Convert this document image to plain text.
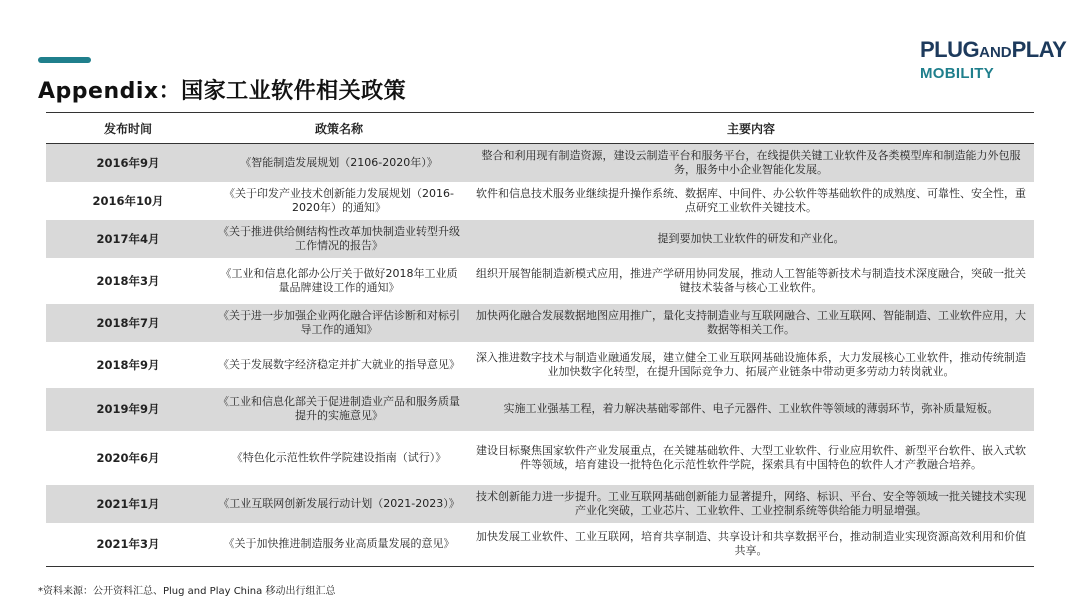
Appendix：国家工业软件相关政策
PLUGANDPLAY
MOBILITY
发布时间	政策名称	主要内容
2016年9月	《智能制造发展规划（2106-2020年）》	整合和利用现有制造资源，建设云制造平台和服务平台，在线提供关键工业软件及各类模型库和制造能力外包服务，服务中小企业智能化发展。
2016年10月	《关于印发产业技术创新能力发展规划（2016-2020年）的通知》	软件和信息技术服务业继续提升操作系统、数据库、中间件、办公软件等基础软件的成熟度、可靠性、安全性，重点研究工业软件关键技术。
2017年4月	《关于推进供给侧结构性改革加快制造业转型升级工作情况的报告》	提到要加快工业软件的研发和产业化。
2018年3月	《工业和信息化部办公厅关于做好2018年工业质量品牌建设工作的通知》	组织开展智能制造新模式应用，推进产学研用协同发展，推动人工智能等新技术与制造技术深度融合，突破一批关键技术装备与核心工业软件。
2018年7月	《关于进一步加强企业两化融合评估诊断和对标引导工作的通知》	加快两化融合发展数据地图应用推广，量化支持制造业与互联网融合、工业互联网、智能制造、工业软件应用，大数据等相关工作。
2018年9月	《关于发展数字经济稳定并扩大就业的指导意见》	深入推进数字技术与制造业融通发展，建立健全工业互联网基础设施体系，大力发展核心工业软件，推动传统制造业加快数字化转型，在提升国际竞争力、拓展产业链条中带动更多劳动力转岗就业。
2019年9月	《工业和信息化部关于促进制造业产品和服务质量提升的实施意见》	实施工业强基工程，着力解决基础零部件、电子元器件、工业软件等领域的薄弱环节，弥补质量短板。
2020年6月	《特色化示范性软件学院建设指南（试行）》	建设目标聚焦国家软件产业发展重点，在关键基础软件、大型工业软件、行业应用软件、新型平台软件、嵌入式软件等领域，培育建设一批特色化示范性软件学院，探索具有中国特色的软件人才产教融合培养。
2021年1月	《工业互联网创新发展行动计划（2021-2023）》	技术创新能力进一步提升。工业互联网基础创新能力显著提升，网络、标识、平台、安全等领域一批关键技术实现产业化突破，工业芯片、工业软件、工业控制系统等供给能力明显增强。
2021年3月	《关于加快推进制造服务业高质量发展的意见》	加快发展工业软件、工业互联网，培育共享制造、共享设计和共享数据平台，推动制造业实现资源高效利用和价值共享。
*资料来源：公开资料汇总、Plug and Play China 移动出行组汇总
